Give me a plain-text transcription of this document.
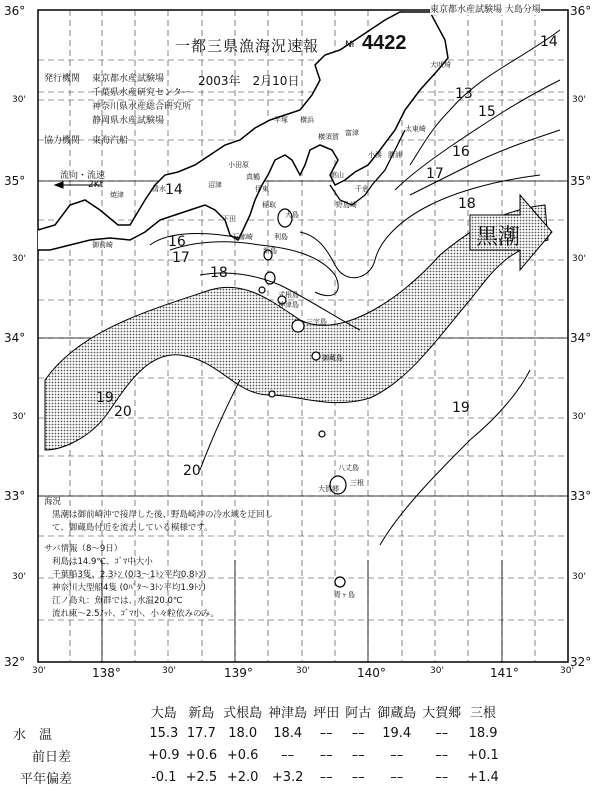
36°
30'
35°
30'
34°
30'
33°
30'
32°
36°
30'
35°
30'
34°
30'
33°
30'
32°
30'	138°	30'	139°	30'	140°	30'	141°	30'
東京都水産試験場 大島分場
一都三県漁海況速報	№ 4422
2003年　2月10日
発行機関 東京都水産試験場
千葉県水産研究センター
神奈川県水産総合研究所
静岡県水産試験場
協力機関 東海汽船
流向・流速
2Kt
黒潮
14
13
15
16
17
18
14
16
17
18
19
20	19
20
大島
新島
式根島
神津島
三宅島
御蔵島
八丈島
大賀郷
三根
平塚 横浜
横須賀 富津
館山
小湊 勝浦
犬吠埼
太東崎
野島崎
千倉
伊東
稲取
下田
石廊崎
御前崎
焼津
清水	沼津
小田原
真鶴
利島
青ヶ島
海況
黒潮は御前崎沖で接岸した後、野島崎沖の冷水域を迂回して、御蔵島付近を流去している模様です。
サバ情報（8～9日）
利島は14.9℃、ｺﾞﾏ中大小
千葉船3隻、2.3ﾄﾝ (0.3～1ﾄﾝ平均0.8ﾄﾝ)
神奈川大型船4隻 (0ﾊﾟﾀ～3ﾄﾝ平均1.9ﾄﾝ)
江ノ島丸：魚群では、水温20.0℃
流れ東～2.5ﾉｯﾄ、ｺﾞﾏ小、小々粒依みのみ。
	大島	新島	式根島	神津島	坪田	阿古	御蔵島	大賀郷	三根
水　温	15.3	17.7	18.0	18.4	––	––	19.4	––	18.9
前日差	+0.9	+0.6	+0.6	––	––	––	––	––	+0.1
平年偏差	-0.1	+2.5	+2.0	+3.2	––	––	––	––	+1.4
